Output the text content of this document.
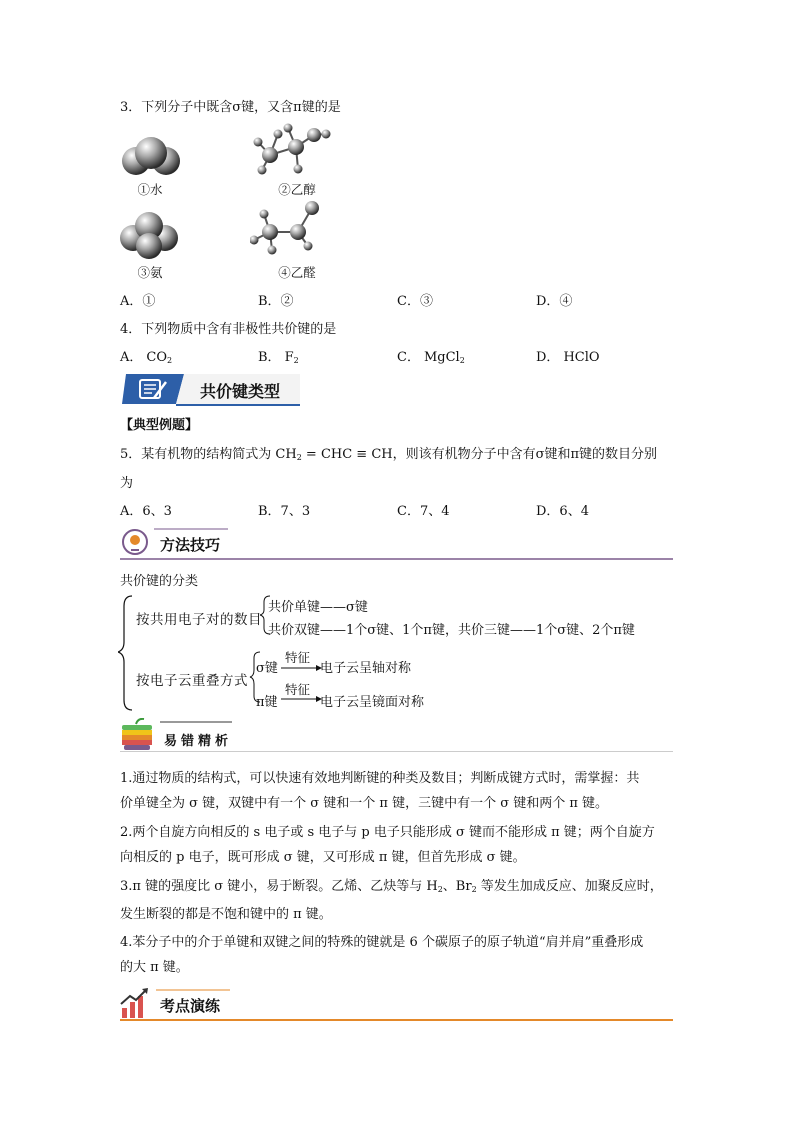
3．下列分子中既含σ键，又含π键的是
①水	②乙醇
③氨	④乙醛
A．①	B．②	C．③	D．④
4．下列物质中含有非极性共价键的是
A． $CO_2$	B． $F_2$	C． MgCl$_2$	D． HClO
共价键类型
【典型例题】
5．某有机物的结构简式为 $CH_2$ = CHC ≡ CH，则该有机物分子中含有σ键和π键的数目分别
为
A．6、3	B．7、3	C．7、4	D．6、4
方法技巧
共价键的分类
按共用电子对的数目
共价单键——σ键
共价双键——1个σ键、1个π键，共价三键——1个σ键、2个π键
按电子云重叠方式
σ键
特征
电子云呈轴对称
π键
特征
电子云呈镜面对称
易错精析
1.通过物质的结构式，可以快速有效地判断键的种类及数目；判断成键方式时，需掌握：共
价单键全为 σ 键，双键中有一个 σ 键和一个 π 键，三键中有一个 σ 键和两个 π 键。
2.两个自旋方向相反的 s 电子或 s 电子与 p 电子只能形成 σ 键而不能形成 π 键；两个自旋方
向相反的 p 电子，既可形成 σ 键，又可形成 π 键，但首先形成 σ 键。
3.π 键的强度比 σ 键小，易于断裂。乙烯、乙炔等与 $H_2$、$Br_2$ 等发生加成反应、加聚反应时，
发生断裂的都是不饱和键中的 π 键。
4.苯分子中的介于单键和双键之间的特殊的键就是 6 个碳原子的原子轨道“肩并肩”重叠形成
的大 π 键。
考点演练
